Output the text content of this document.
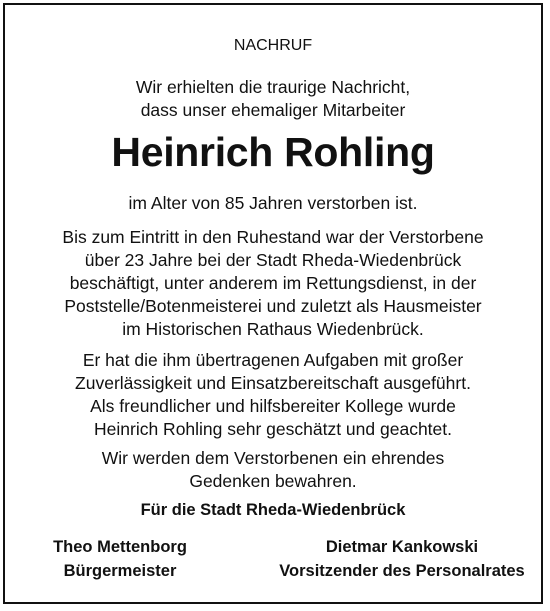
NACHRUF
Wir erhielten die traurige Nachricht,
dass unser ehemaliger Mitarbeiter
Heinrich Rohling
im Alter von 85 Jahren verstorben ist.
Bis zum Eintritt in den Ruhestand war der Verstorbene
über 23 Jahre bei der Stadt Rheda-Wiedenbrück
beschäftigt, unter anderem im Rettungsdienst, in der
Poststelle/Botenmeisterei und zuletzt als Hausmeister
im Historischen Rathaus Wiedenbrück.
Er hat die ihm übertragenen Aufgaben mit großer
Zuverlässigkeit und Einsatzbereitschaft ausgeführt.
Als freundlicher und hilfsbereiter Kollege wurde
Heinrich Rohling sehr geschätzt und geachtet.
Wir werden dem Verstorbenen ein ehrendes
Gedenken bewahren.
Für die Stadt Rheda-Wiedenbrück
Theo Mettenborg
Bürgermeister
Dietmar Kankowski
Vorsitzender des Personalrates
